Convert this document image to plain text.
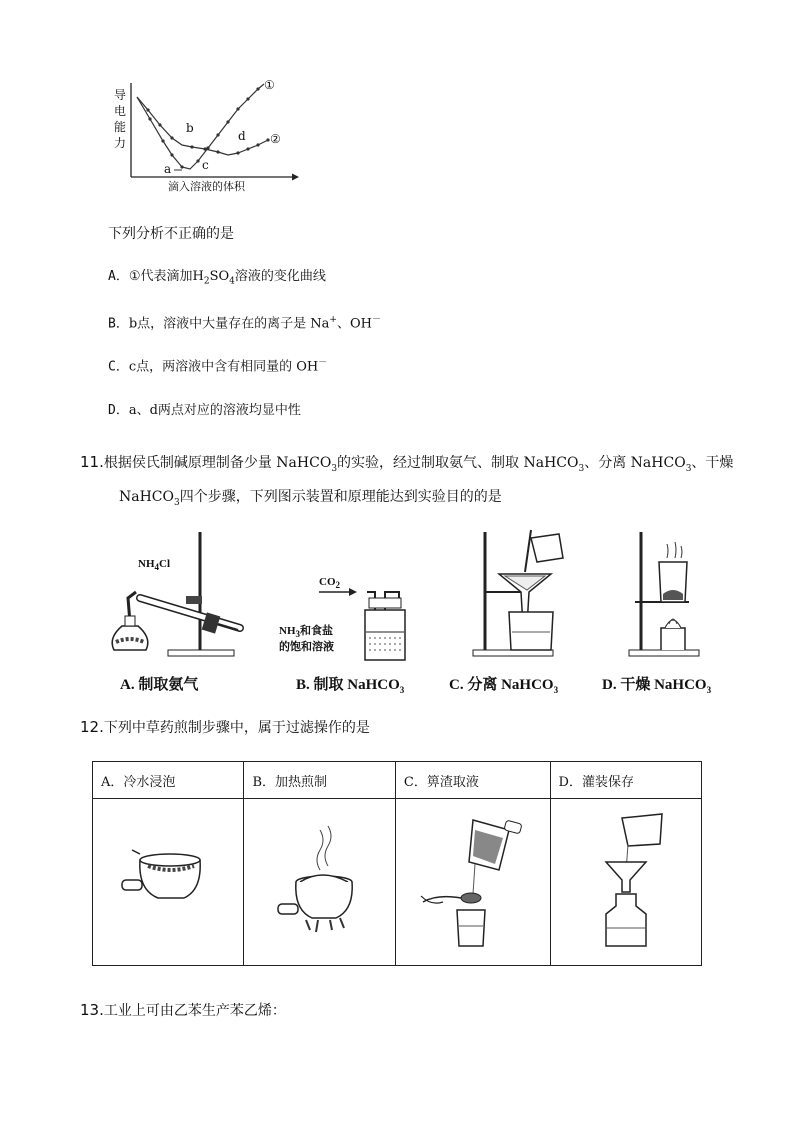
导
电
能
力
滴入溶液的体积
①
②
a
b
c
d
下列分析不正确的是
A．①代表滴加$H_2SO_4$溶液的变化曲线
B．b点，溶液中大量存在的离子是 Na+、OH－
C．c点，两溶液中含有相同量的 OH－
D．a、d两点对应的溶液均显中性
11.根据侯氏制碱原理制备少量 NaHCO$_3$的实验，经过制取氨气、制取 NaHCO$_3$、分离 NaHCO$_3$、干燥
NaHCO$_3$四个步骤，下列图示装置和原理能达到实验目的的是
$NH_4Cl$
$CO_2$
$NH_3$和食盐
的饱和溶液
A. 制取氨气	B. 制取 NaHCO$_3$	C. 分离 NaHCO$_3$	D. 干燥 NaHCO$_3$
12.下列中草药煎制步骤中，属于过滤操作的是
A．冷水浸泡	B．加热煎制	C．箅渣取液	D．灌装保存

13.工业上可由乙苯生产苯乙烯：
